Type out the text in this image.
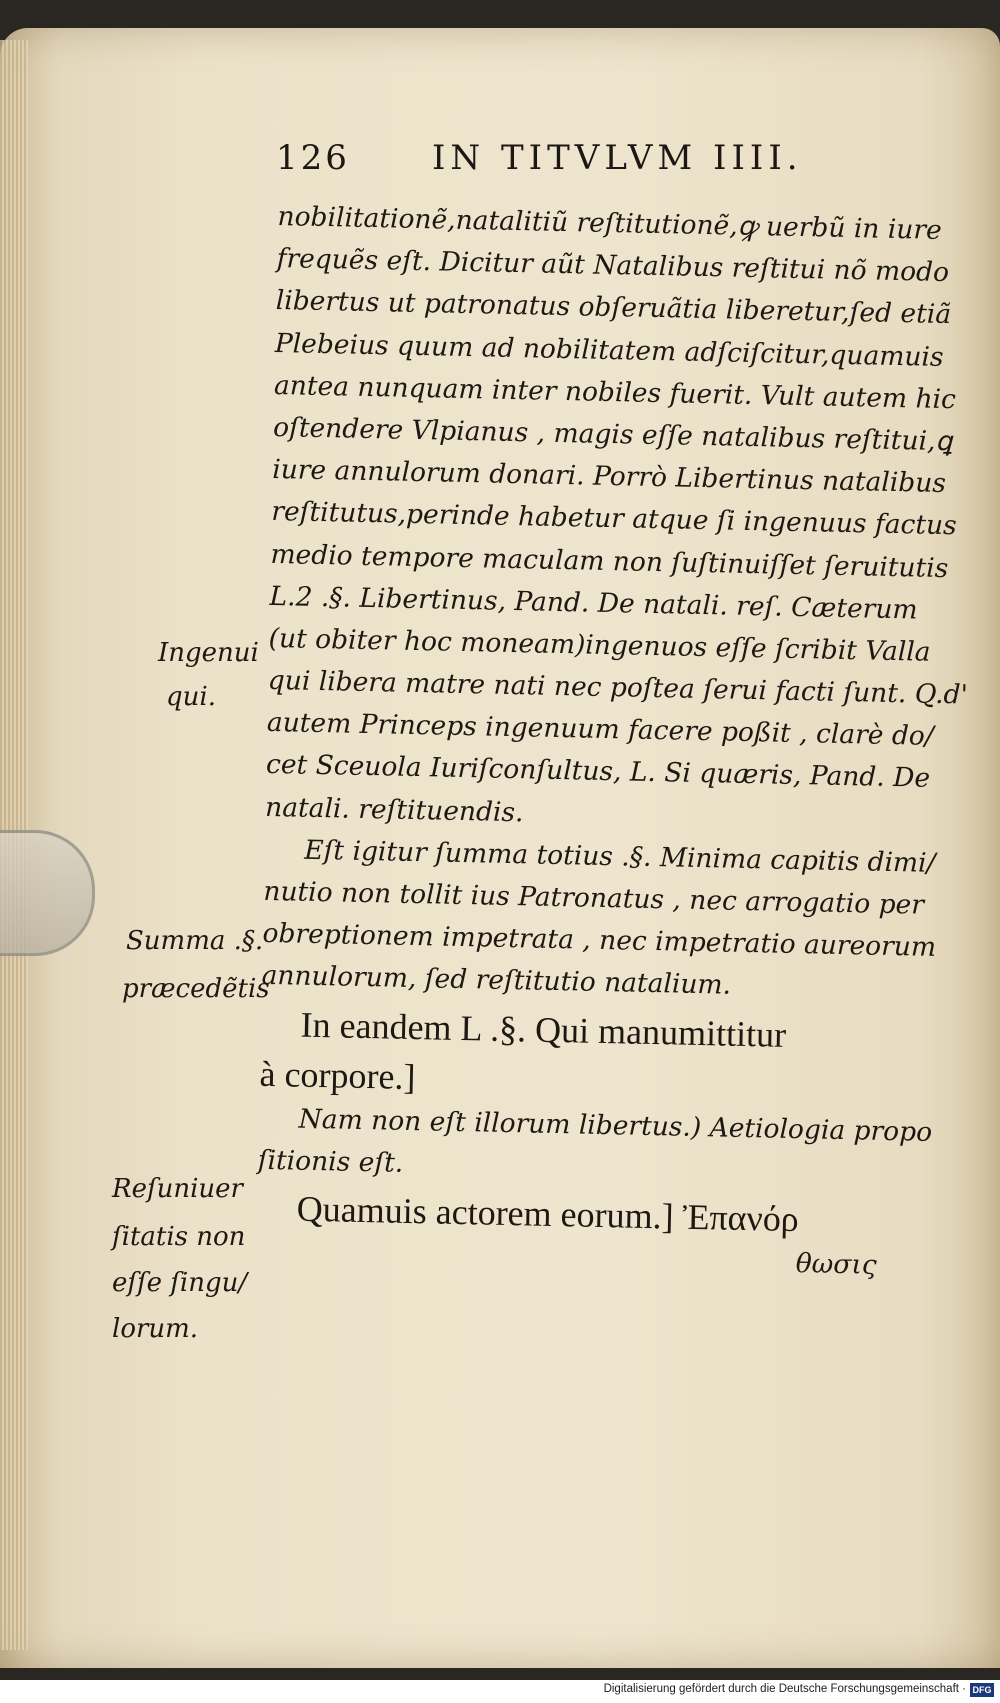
126 IN TITVLVM IIII.
nobilitationẽ,natalitiũ reſtitutionẽ,ꝙ uerbũ in iure
frequẽs eſt. Dicitur aũt Natalibus reſtitui nõ modo
libertus ut patronatus obſeruãtia liberetur,ſed etiã
Plebeius quum ad nobilitatem adſciſcitur,quamuis
antea nunquam inter nobiles fuerit. Vult autem hic
oſtendere Vlpianus , magis eſſe natalibus reſtitui,ꝗ
iure annulorum donari. Porrò Libertinus natalibus
reſtitutus,perinde habetur atque ſi ingenuus factus
medio tempore maculam non ſuſtinuiſſet ſeruitutis
L.2 .§. Libertinus, Pand. De natali. reſ. Cæterum
(ut obiter hoc moneam)ingenuos eſſe ſcribit Valla
qui libera matre nati nec poſtea ſerui facti ſunt. Q.d'
autem Princeps ingenuum facere poßit , clarè do/
cet Sceuola Iuriſconſultus, L. Si quæris, Pand. De
natali. reſtituendis.
Eſt igitur ſumma totius .§. Minima capitis dimi/
nutio non tollit ius Patronatus , nec arrogatio per
obreptionem impetrata , nec impetratio aureorum
annulorum, ſed reſtitutio natalium.
In eandem L .§. Qui manumittitur
à corpore.]
Nam non eſt illorum libertus.) Aetiologia propo
ſitionis eſt.
Quamuis actorem eorum.] Ἐπανόρ
θωσις
Ingenui
qui.
Summa .§.
præcedẽtis
Reſuniuer
ſitatis non
eſſe ſingu/
lorum.
Digitalisierung gefördert durch die Deutsche Forschungsgemeinschaft · DFG
